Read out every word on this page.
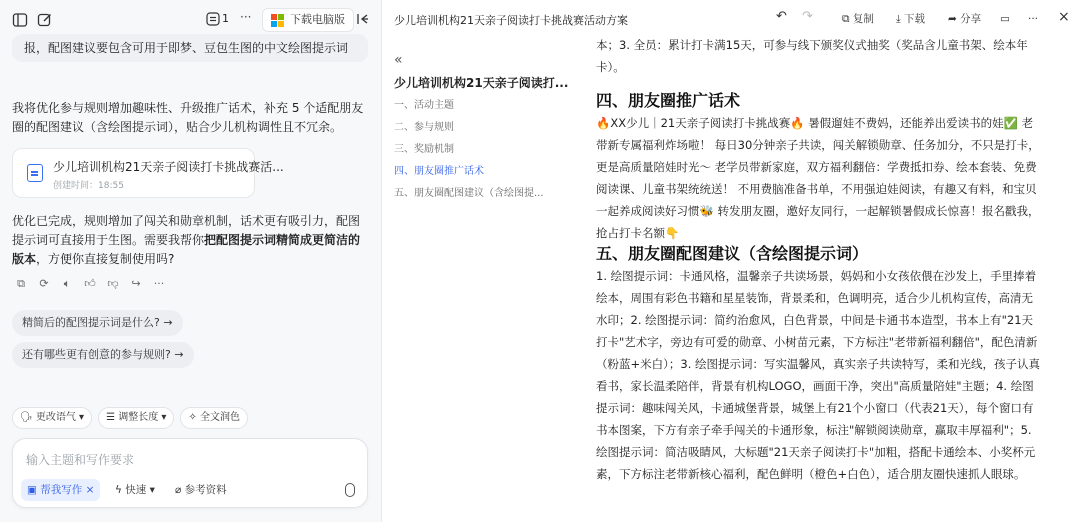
1 ···	下载电脑版
报，配图建议要包含可用于即梦、豆包生图的中文绘图提示词
我将优化参与规则增加趣味性、升级推广话术，补充 5 个适配朋友圈的配图建议（含绘图提示词），贴合少儿机构调性且不冗余。
少儿培训机构21天亲子阅读打卡挑战赛活...
创建时间：18:55
优化已完成，规则增加了闯关和勋章机制，话术更有吸引力，配图提示词可直接用于生图。需要我帮你把配图提示词精简成更简洁的版本，方便你直接复制使用吗?
⧉ ⟳	🔈︎	👍︎ 👎︎ ↪ ···
精简后的配图提示词是什么? →
还有哪些更有创意的参与规则? →
🗣︎ 更改语气 ▾	☰ 调整长度 ▾	✧ 全文润色
输入主题和写作要求
▣ 帮我写作 ×	ϟ 快速 ▾ ⌀ 参考资料
少儿培训机构21天亲子阅读打卡挑战赛活动方案	↶ ↷	⧉ 复制 ⤓ 下载 ➦ 分享 ▭ ··· ×
«
少儿培训机构21天亲子阅读打...
一、活动主题
二、参与规则
三、奖励机制
四、朋友圈推广话术
五、朋友圈配图建议（含绘图提...
本；3. 全员：累计打卡满15天，可参与线下颁奖仪式抽奖（奖品含儿童书架、绘本年
卡）。
四、朋友圈推广话术
🔥XX少儿｜21天亲子阅读打卡挑战赛🔥 暑假遛娃不费妈，还能养出爱读书的娃✅ 老带新专属福利炸场啦！ 每日30分钟亲子共读，闯关解锁勋章、任务加分，不只是打卡，更是高质量陪娃时光～ 老学员带新家庭，双方福利翻倍：学费抵扣券、绘本套装、免费阅读课、儿童书架统统送！ 不用费脑准备书单，不用强迫娃阅读，有趣又有料，和宝贝一起养成阅读好习惯🐝 转发朋友圈，邀好友同行，一起解锁暑假成长惊喜！报名戳我，抢占打卡名额👇
五、朋友圈配图建议（含绘图提示词）
1. 绘图提示词：卡通风格，温馨亲子共读场景，妈妈和小女孩依偎在沙发上，手里捧着绘本，周围有彩色书籍和星星装饰，背景柔和，色调明亮，适合少儿机构宣传，高清无水印；2. 绘图提示词：简约治愈风，白色背景，中间是卡通书本造型，书本上有"21天打卡"艺术字，旁边有可爱的勋章、小树苗元素，下方标注"老带新福利翻倍"，配色清新（粉蓝+米白）；3. 绘图提示词：写实温馨风，真实亲子共读特写，柔和光线，孩子认真看书，家长温柔陪伴，背景有机构LOGO，画面干净，突出"高质量陪娃"主题；4. 绘图提示词：趣味闯关风，卡通城堡背景，城堡上有21个小窗口（代表21天），每个窗口有书本图案，下方有亲子牵手闯关的卡通形象，标注"解锁阅读勋章，赢取丰厚福利"；5. 绘图提示词：简洁吸睛风，大标题"21天亲子阅读打卡"加粗，搭配卡通绘本、小奖杯元素，下方标注老带新核心福利，配色鲜明（橙色+白色），适合朋友圈快速抓人眼球。
